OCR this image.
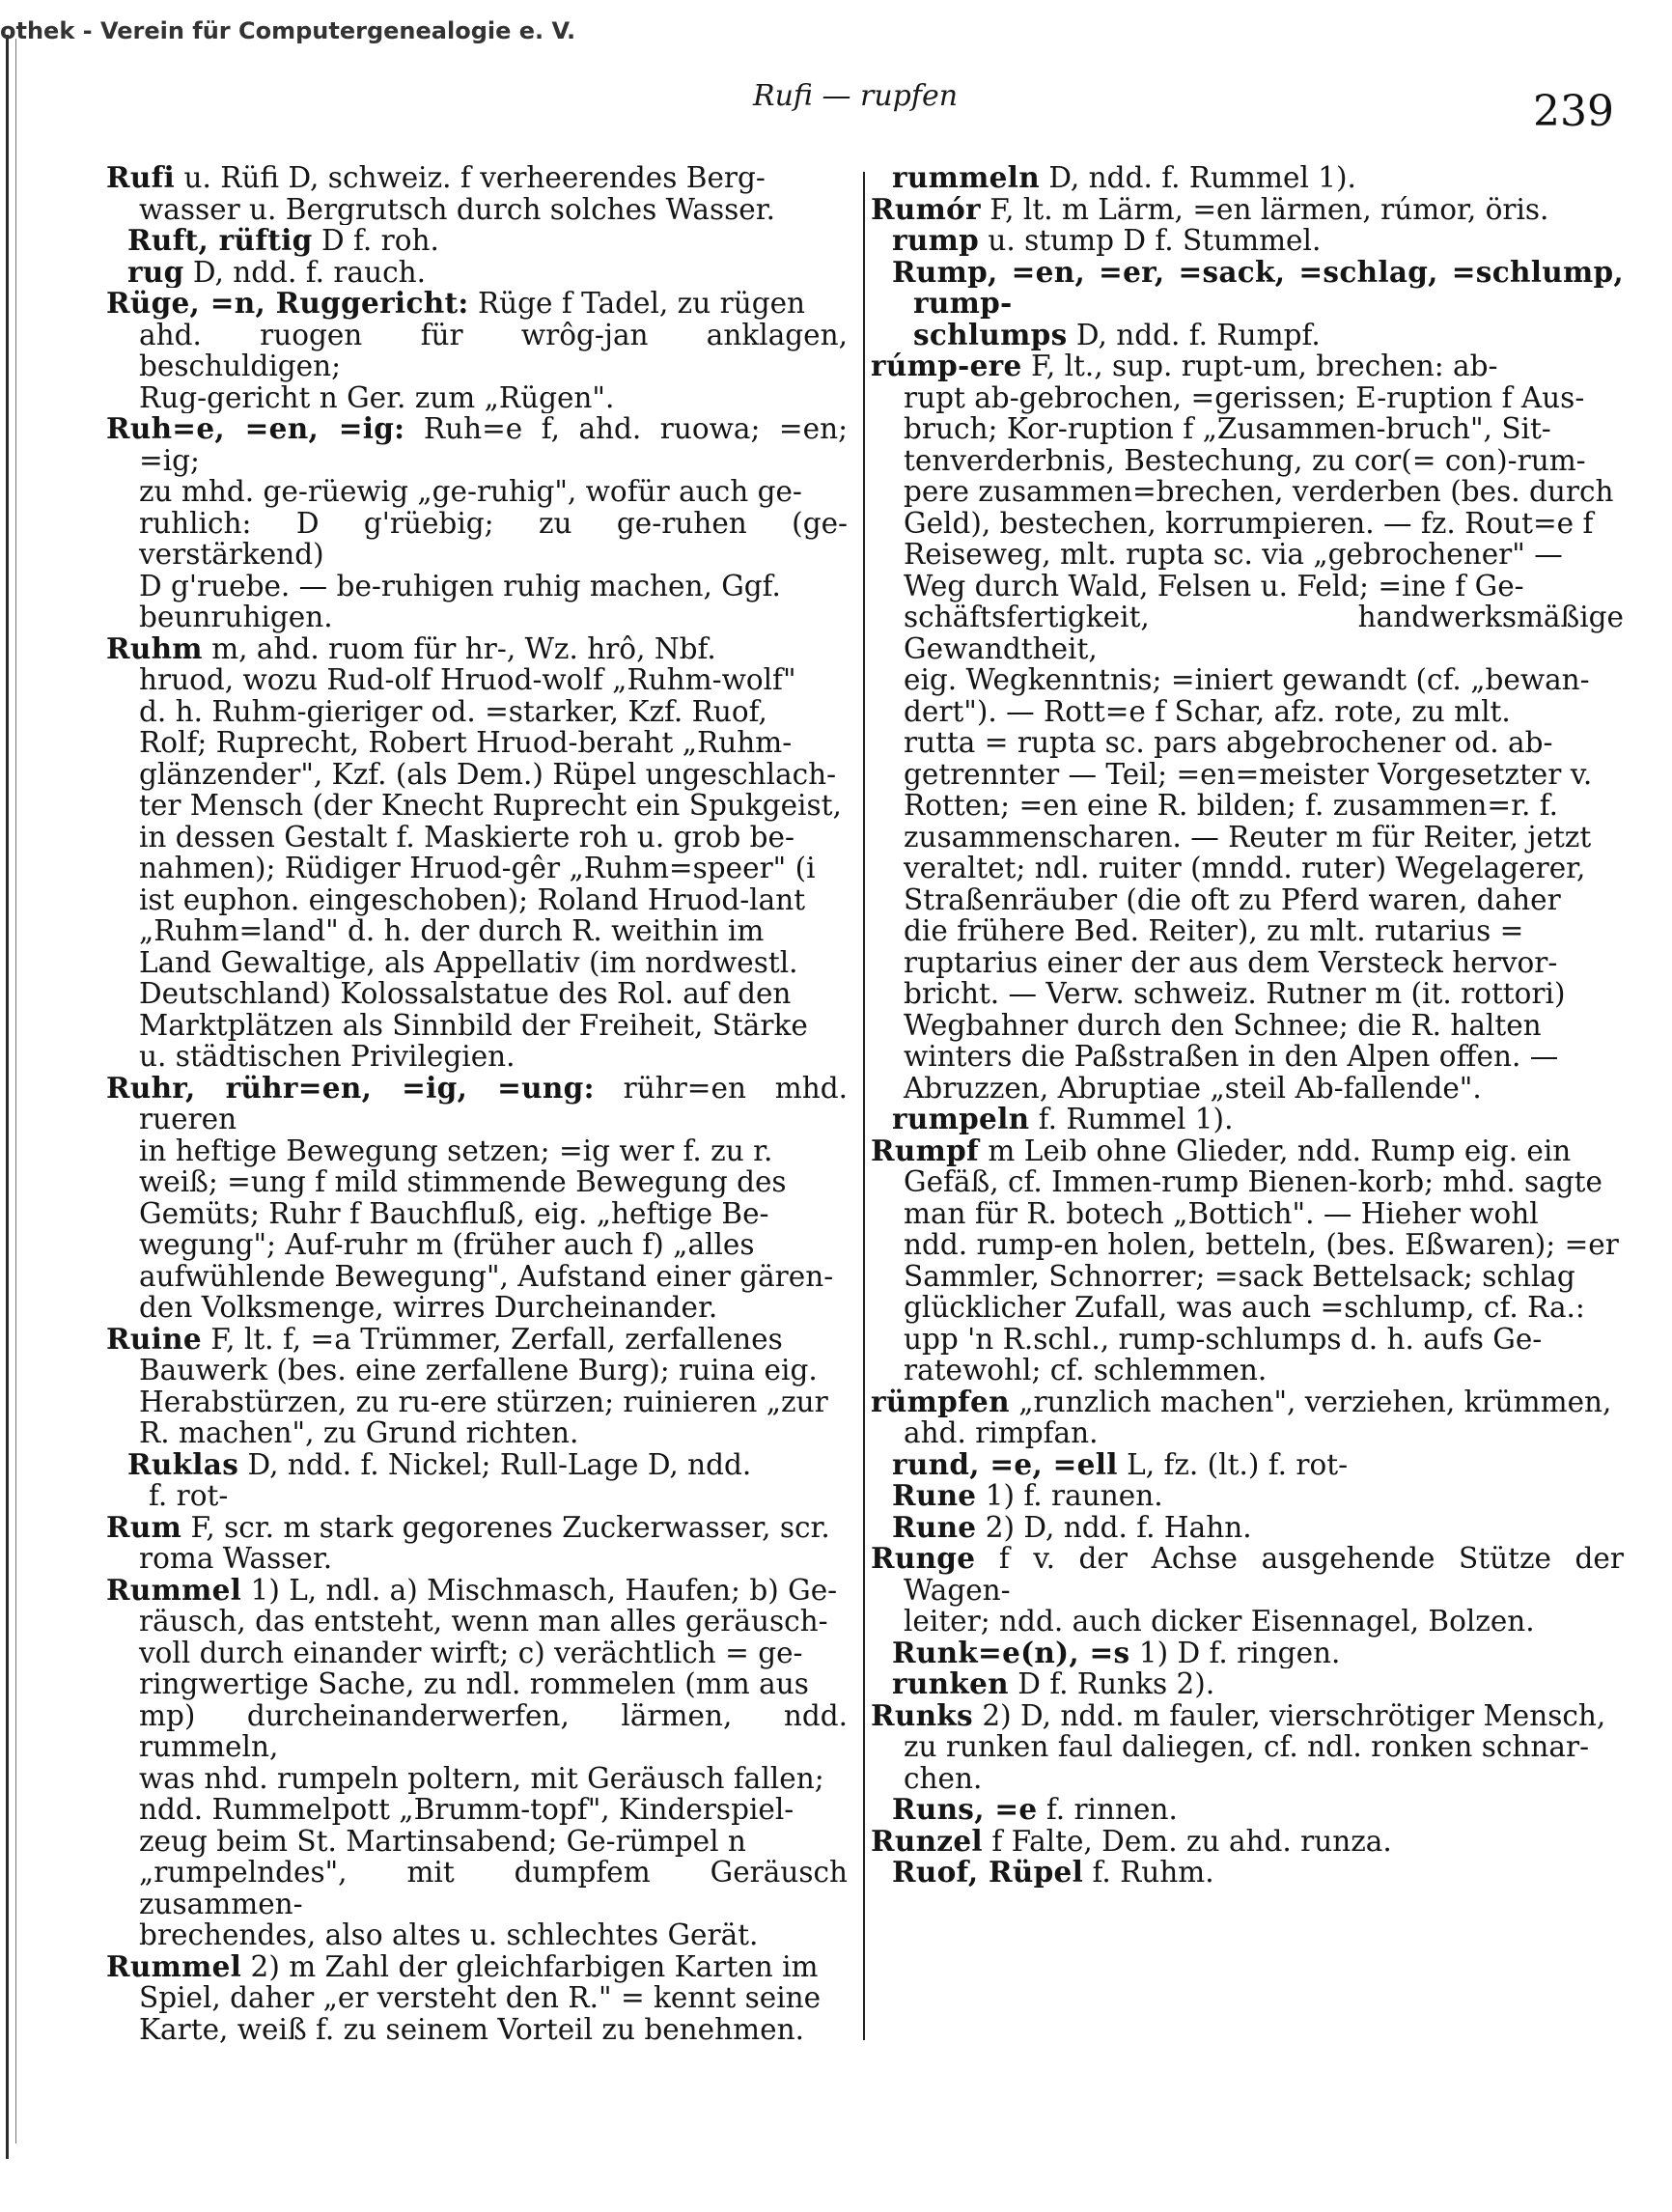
othek - Verein für Computergenealogie e. V.
Rufi — rupfen	239

Rufi u. Rüfi D, schweiz. f verheerendes Berg-
wasser u. Bergrutsch durch solches Wasser.

Ruft, rüftig D f. roh.

rug D, ndd. f. rauch.

Rüge, =n, Ruggericht: Rüge f Tadel, zu rügen
ahd. ruogen für wrôg-jan anklagen, beschuldigen;
Rug-gericht n Ger. zum „Rügen".

Ruh=e, =en, =ig: Ruh=e f, ahd. ruowa; =en; =ig;
zu mhd. ge-rüewig „ge-ruhig", wofür auch ge-
ruhlich: D g'rüebig; zu ge-ruhen (ge- verstärkend)
D g'ruebe. — be-ruhigen ruhig machen, Ggf.
beunruhigen.

Ruhm m, ahd. ruom für hr-, Wz. hrô, Nbf.
hruod, wozu Rud-olf Hruod-wolf „Ruhm-wolf"
d. h. Ruhm-gieriger od. =starker, Kzf. Ruof,
Rolf; Ruprecht, Robert Hruod-beraht „Ruhm-
glänzender", Kzf. (als Dem.) Rüpel ungeschlach-
ter Mensch (der Knecht Ruprecht ein Spukgeist,
in dessen Gestalt f. Maskierte roh u. grob be-
nahmen); Rüdiger Hruod-gêr „Ruhm=speer" (i
ist euphon. eingeschoben); Roland Hruod-lant
„Ruhm=land" d. h. der durch R. weithin im
Land Gewaltige, als Appellativ (im nordwestl.
Deutschland) Kolossalstatue des Rol. auf den
Marktplätzen als Sinnbild der Freiheit, Stärke
u. städtischen Privilegien.

Ruhr, rühr=en, =ig, =ung: rühr=en mhd. rueren
in heftige Bewegung setzen; =ig wer f. zu r.
weiß; =ung f mild stimmende Bewegung des
Gemüts; Ruhr f Bauchfluß, eig. „heftige Be-
wegung"; Auf-ruhr m (früher auch f) „alles
aufwühlende Bewegung", Aufstand einer gären-
den Volksmenge, wirres Durcheinander.

Ruine F, lt. f, =a Trümmer, Zerfall, zerfallenes
Bauwerk (bes. eine zerfallene Burg); ruina eig.
Herabstürzen, zu ru-ere stürzen; ruinieren „zur
R. machen", zu Grund richten.

Ruklas D, ndd. f. Nickel; Rull-Lage D, ndd.
f. rot-

Rum F, scr. m stark gegorenes Zuckerwasser, scr.
roma Wasser.

Rummel 1) L, ndl. a) Mischmasch, Haufen; b) Ge-
räusch, das entsteht, wenn man alles geräusch-
voll durch einander wirft; c) verächtlich = ge-
ringwertige Sache, zu ndl. rommelen (mm aus
mp) durcheinanderwerfen, lärmen, ndd. rummeln,
was nhd. rumpeln poltern, mit Geräusch fallen;
ndd. Rummelpott „Brumm-topf", Kinderspiel-
zeug beim St. Martinsabend; Ge-rümpel n
„rumpelndes", mit dumpfem Geräusch zusammen-
brechendes, also altes u. schlechtes Gerät.

Rummel 2) m Zahl der gleichfarbigen Karten im
Spiel, daher „er versteht den R." = kennt seine
Karte, weiß f. zu seinem Vorteil zu benehmen.

rummeln D, ndd. f. Rummel 1).

Rumór F, lt. m Lärm, =en lärmen, rúmor, öris.

rump u. stump D f. Stummel.

Rump, =en, =er, =sack, =schlag, =schlump, rump-
schlumps D, ndd. f. Rumpf.

rúmp-ere F, lt., sup. rupt-um, brechen: ab-
rupt ab-gebrochen, =gerissen; E-ruption f Aus-
bruch; Kor-ruption f „Zusammen-bruch", Sit-
tenverderbnis, Bestechung, zu cor(= con)-rum-
pere zusammen=brechen, verderben (bes. durch
Geld), bestechen, korrumpieren. — fz. Rout=e f
Reiseweg, mlt. rupta sc. via „gebrochener" —
Weg durch Wald, Felsen u. Feld; =ine f Ge-
schäftsfertigkeit, handwerksmäßige Gewandtheit,
eig. Wegkenntnis; =iniert gewandt (cf. „bewan-
dert"). — Rott=e f Schar, afz. rote, zu mlt.
rutta = rupta sc. pars abgebrochener od. ab-
getrennter — Teil; =en=meister Vorgesetzter v.
Rotten; =en eine R. bilden; f. zusammen=r. f.
zusammenscharen. — Reuter m für Reiter, jetzt
veraltet; ndl. ruiter (mndd. ruter) Wegelagerer,
Straßenräuber (die oft zu Pferd waren, daher
die frühere Bed. Reiter), zu mlt. rutarius =
ruptarius einer der aus dem Versteck hervor-
bricht. — Verw. schweiz. Rutner m (it. rottori)
Wegbahner durch den Schnee; die R. halten
winters die Paßstraßen in den Alpen offen. —
Abruzzen, Abruptiae „steil Ab-fallende".

rumpeln f. Rummel 1).

Rumpf m Leib ohne Glieder, ndd. Rump eig. ein
Gefäß, cf. Immen-rump Bienen-korb; mhd. sagte
man für R. botech „Bottich". — Hieher wohl
ndd. rump-en holen, betteln, (bes. Eßwaren); =er
Sammler, Schnorrer; =sack Bettelsack; schlag
glücklicher Zufall, was auch =schlump, cf. Ra.:
upp 'n R.schl., rump-schlumps d. h. aufs Ge-
ratewohl; cf. schlemmen.

rümpfen „runzlich machen", verziehen, krümmen,
ahd. rimpfan.

rund, =e, =ell L, fz. (lt.) f. rot-

Rune 1) f. raunen.

Rune 2) D, ndd. f. Hahn.

Runge f v. der Achse ausgehende Stütze der Wagen-
leiter; ndd. auch dicker Eisennagel, Bolzen.

Runk=e(n), =s 1) D f. ringen.

runken D f. Runks 2).

Runks 2) D, ndd. m fauler, vierschrötiger Mensch,
zu runken faul daliegen, cf. ndl. ronken schnar-
chen.

Runs, =e f. rinnen.

Runzel f Falte, Dem. zu ahd. runza.

Ruof, Rüpel f. Ruhm.
